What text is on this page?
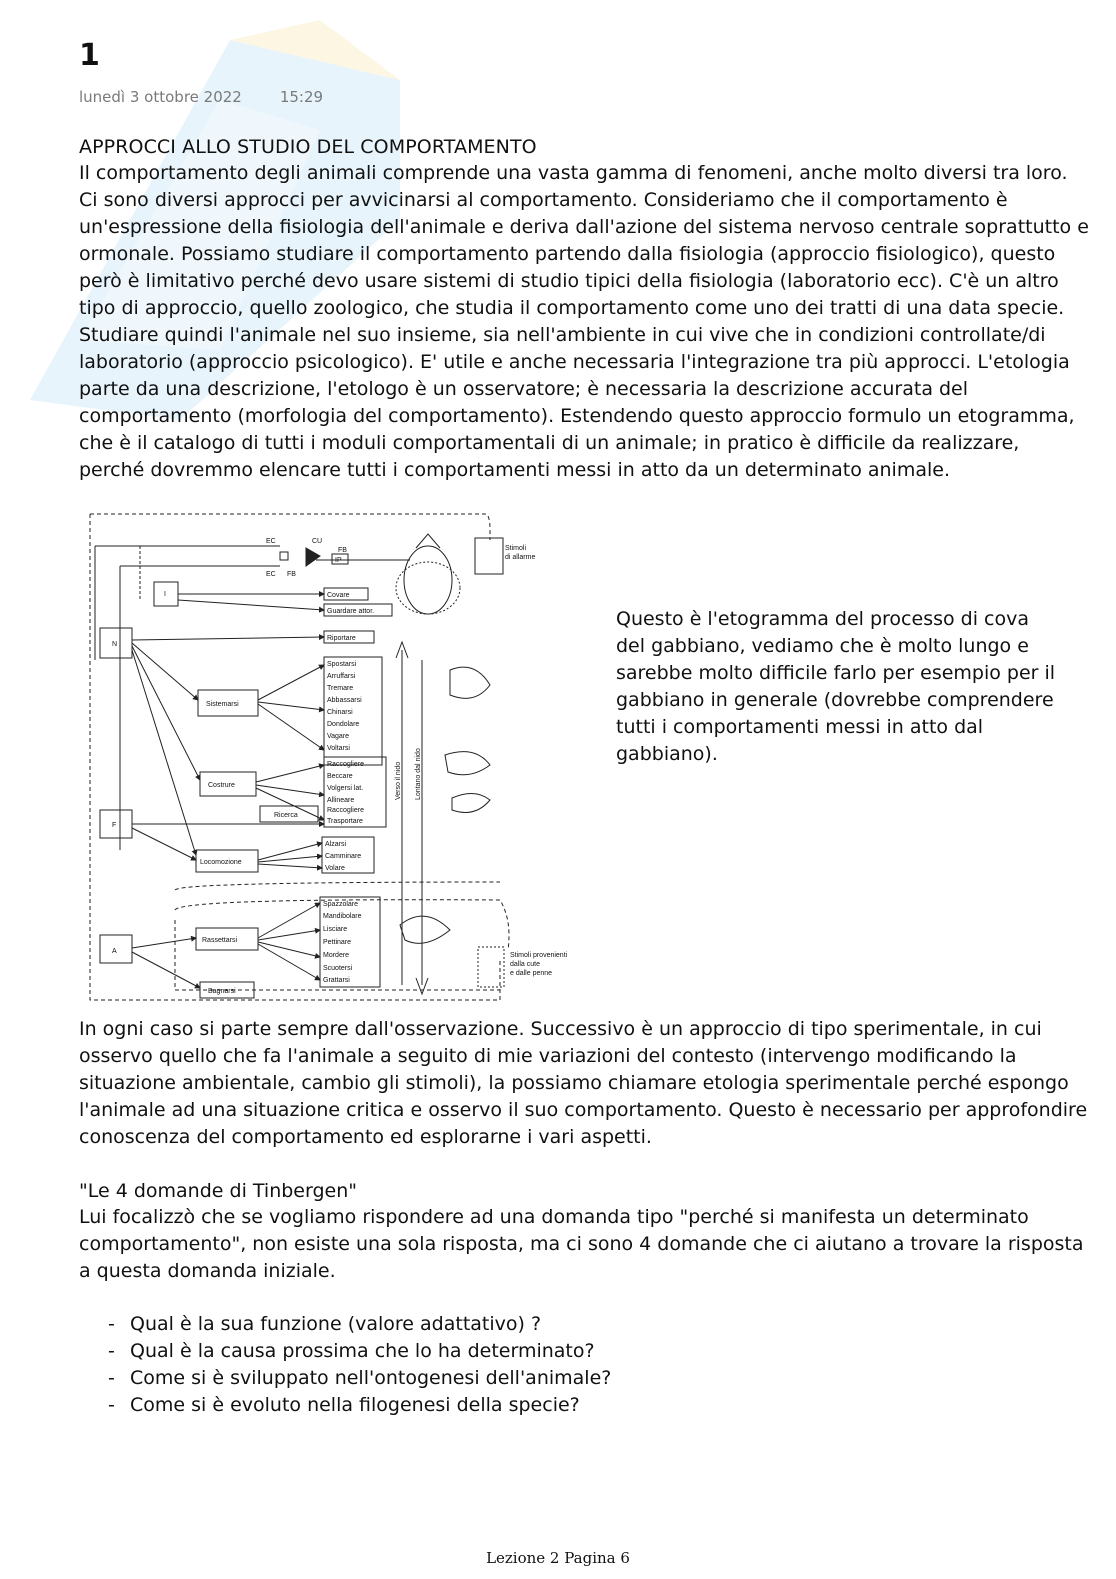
1
lunedì 3 ottobre 2022	15:29
APPROCCI ALLO STUDIO DEL COMPORTAMENTO

Il comportamento degli animali comprende una vasta gamma di fenomeni, anche molto diversi tra loro. Ci sono diversi approcci per avvicinarsi al comportamento. Consideriamo che il comportamento è un'espressione della fisiologia dell'animale e deriva dall'azione del sistema nervoso centrale soprattutto e ormonale. Possiamo studiare il comportamento partendo dalla fisiologia (approccio fisiologico), questo però è limitativo perché devo usare sistemi di studio tipici della fisiologia (laboratorio ecc). C'è un altro tipo di approccio, quello zoologico, che studia il comportamento come uno dei tratti di una data specie. Studiare quindi l'animale nel suo insieme, sia nell'ambiente in cui vive che in condizioni controllate/di laboratorio (approccio psicologico). E' utile e anche necessaria l'integrazione tra più approcci. L'etologia parte da una descrizione, l'etologo è un osservatore; è necessaria la descrizione accurata del comportamento (morfologia del comportamento). Estendendo questo approccio formulo un etogramma, che è il catalogo di tutti i moduli comportamentali di un animale; in pratico è difficile da realizzare, perché dovremmo elencare tutti i comportamenti messi in atto da un determinato animale.

EC	CU
FB
IP
EC FB
Stimoli
di allarme
I
N
F
A
Sistemarsi
Costrure
Ricerca
Locomozione
Rassettarsi
Bagnarsi
Covare
Guardare attor.
Riportare
Spostarsi
Arruffarsi
Tremare
Abbassarsi
Chinarsi
Dondolare
Vagare
Voltarsi
Raccogliere
Beccare
Volgersi lat.
Allineare
Raccogliere
Trasportare
Alzarsi
Camminare
Volare
Spazzolare
Mandibolare
Lisciare
Pettinare
Mordere
Scuotersi
Grattarsi
Stimoli provenienti
dalla cute
e dalle penne
Verso il nido Lontano dal nido

Questo è l'etogramma del processo di cova del gabbiano, vediamo che è molto lungo e sarebbe molto difficile farlo per esempio per il gabbiano in generale (dovrebbe comprendere tutti i comportamenti messi in atto dal gabbiano).

In ogni caso si parte sempre dall'osservazione. Successivo è un approccio di tipo sperimentale, in cui osservo quello che fa l'animale a seguito di mie variazioni del contesto (intervengo modificando la situazione ambientale, cambio gli stimoli), la possiamo chiamare etologia sperimentale perché espongo l'animale ad una situazione critica e osservo il suo comportamento. Questo è necessario per approfondire conoscenza del comportamento ed esplorarne i vari aspetti.

"Le 4 domande di Tinbergen"

Lui focalizzò che se vogliamo rispondere ad una domanda tipo "perché si manifesta un determinato comportamento", non esiste una sola risposta, ma ci sono 4 domande che ci aiutano a trovare la risposta a questa domanda iniziale.

- Qual è la sua funzione (valore adattativo) ?
- Qual è la causa prossima che lo ha determinato?
- Come si è sviluppato nell'ontogenesi dell'animale?
- Come si è evoluto nella filogenesi della specie?
Lezione 2 Pagina 6
